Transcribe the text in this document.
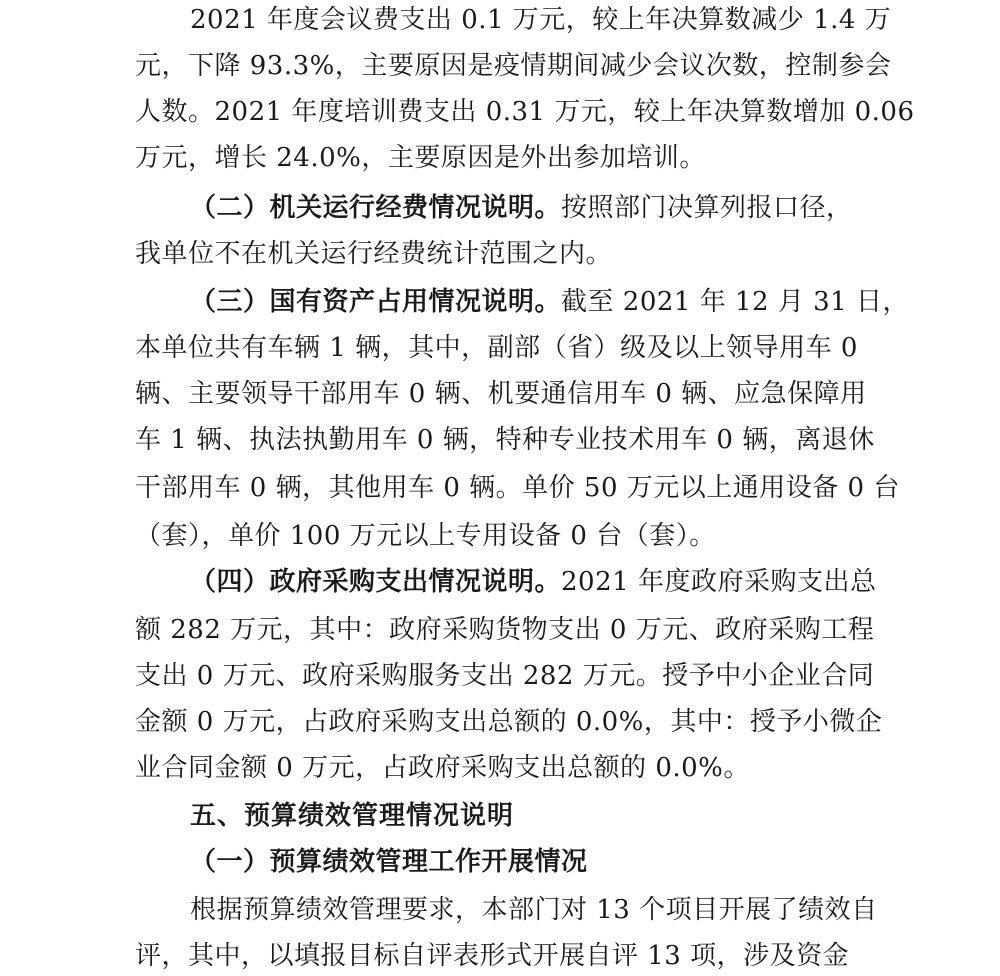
2021 年度会议费支出 0.1 万元，较上年决算数减少 1.4 万
元，下降 93.3%，主要原因是疫情期间减少会议次数，控制参会
人数。2021 年度培训费支出 0.31 万元，较上年决算数增加 0.06
万元，增长 24.0%，主要原因是外出参加培训。
（二）机关运行经费情况说明。按照部门决算列报口径，
我单位不在机关运行经费统计范围之内。
（三）国有资产占用情况说明。截至 2021 年 12 月 31 日，
本单位共有车辆 1 辆，其中，副部（省）级及以上领导用车 0
辆、主要领导干部用车 0 辆、机要通信用车 0 辆、应急保障用
车 1 辆、执法执勤用车 0 辆，特种专业技术用车 0 辆，离退休
干部用车 0 辆，其他用车 0 辆。单价 50 万元以上通用设备 0 台
（套），单价 100 万元以上专用设备 0 台（套）。
（四）政府采购支出情况说明。2021 年度政府采购支出总
额 282 万元，其中：政府采购货物支出 0 万元、政府采购工程
支出 0 万元、政府采购服务支出 282 万元。授予中小企业合同
金额 0 万元，占政府采购支出总额的 0.0%，其中：授予小微企
业合同金额 0 万元，占政府采购支出总额的 0.0%。
五、预算绩效管理情况说明
（一）预算绩效管理工作开展情况
根据预算绩效管理要求，本部门对 13 个项目开展了绩效自
评，其中，以填报目标自评表形式开展自评 13 项，涉及资金
